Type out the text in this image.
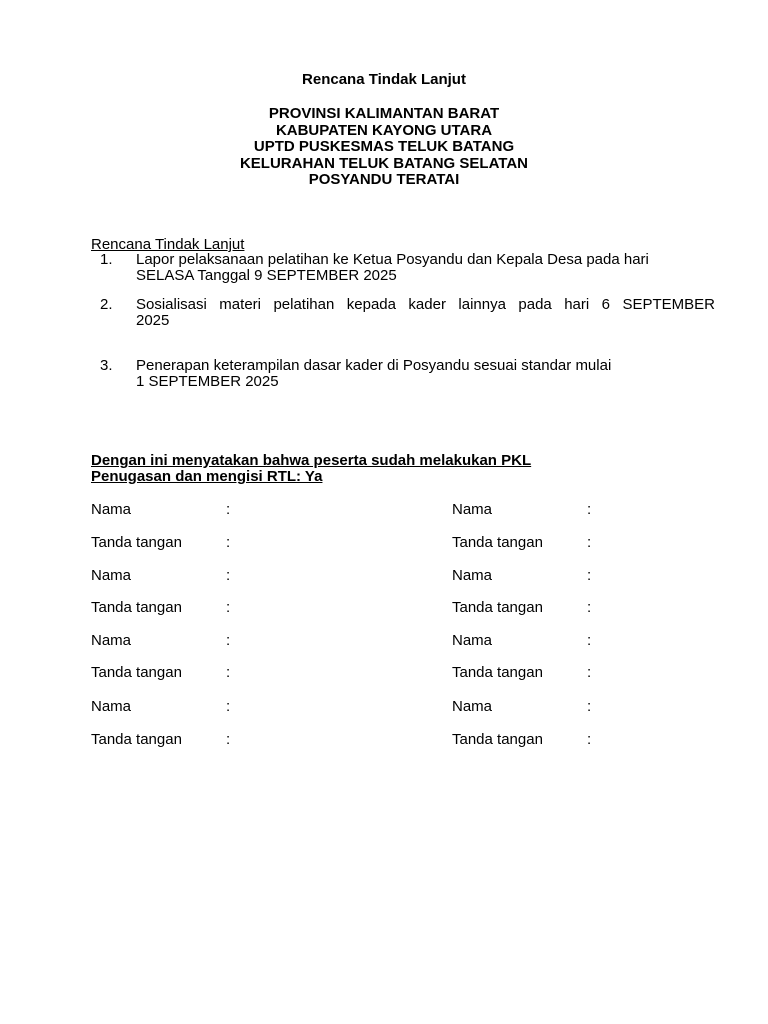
Rencana Tindak Lanjut
PROVINSI KALIMANTAN BARAT
KABUPATEN KAYONG UTARA
UPTD PUSKESMAS TELUK BATANG
KELURAHAN TELUK BATANG SELATAN
POSYANDU TERATAI
Rencana Tindak Lanjut
1. Lapor pelaksanaan pelatihan ke Ketua Posyandu dan Kepala Desa pada hari
SELASA Tanggal 9 SEPTEMBER 2025
2. Sosialisasi materi pelatihan kepada kader lainnya pada hari 6 SEPTEMBER
2025
3. Penerapan keterampilan dasar kader di Posyandu sesuai standar mulai
1 SEPTEMBER 2025
Dengan ini menyatakan bahwa peserta sudah melakukan PKL
Penugasan dan mengisi RTL: Ya
Nama	:	Nama	:
Tanda tangan	:	Tanda tangan	:
Nama	:	Nama	:
Tanda tangan	:	Tanda tangan	:
Nama	:	Nama	:
Tanda tangan	:	Tanda tangan	:
Nama	:	Nama	:
Tanda tangan	:	Tanda tangan	:
